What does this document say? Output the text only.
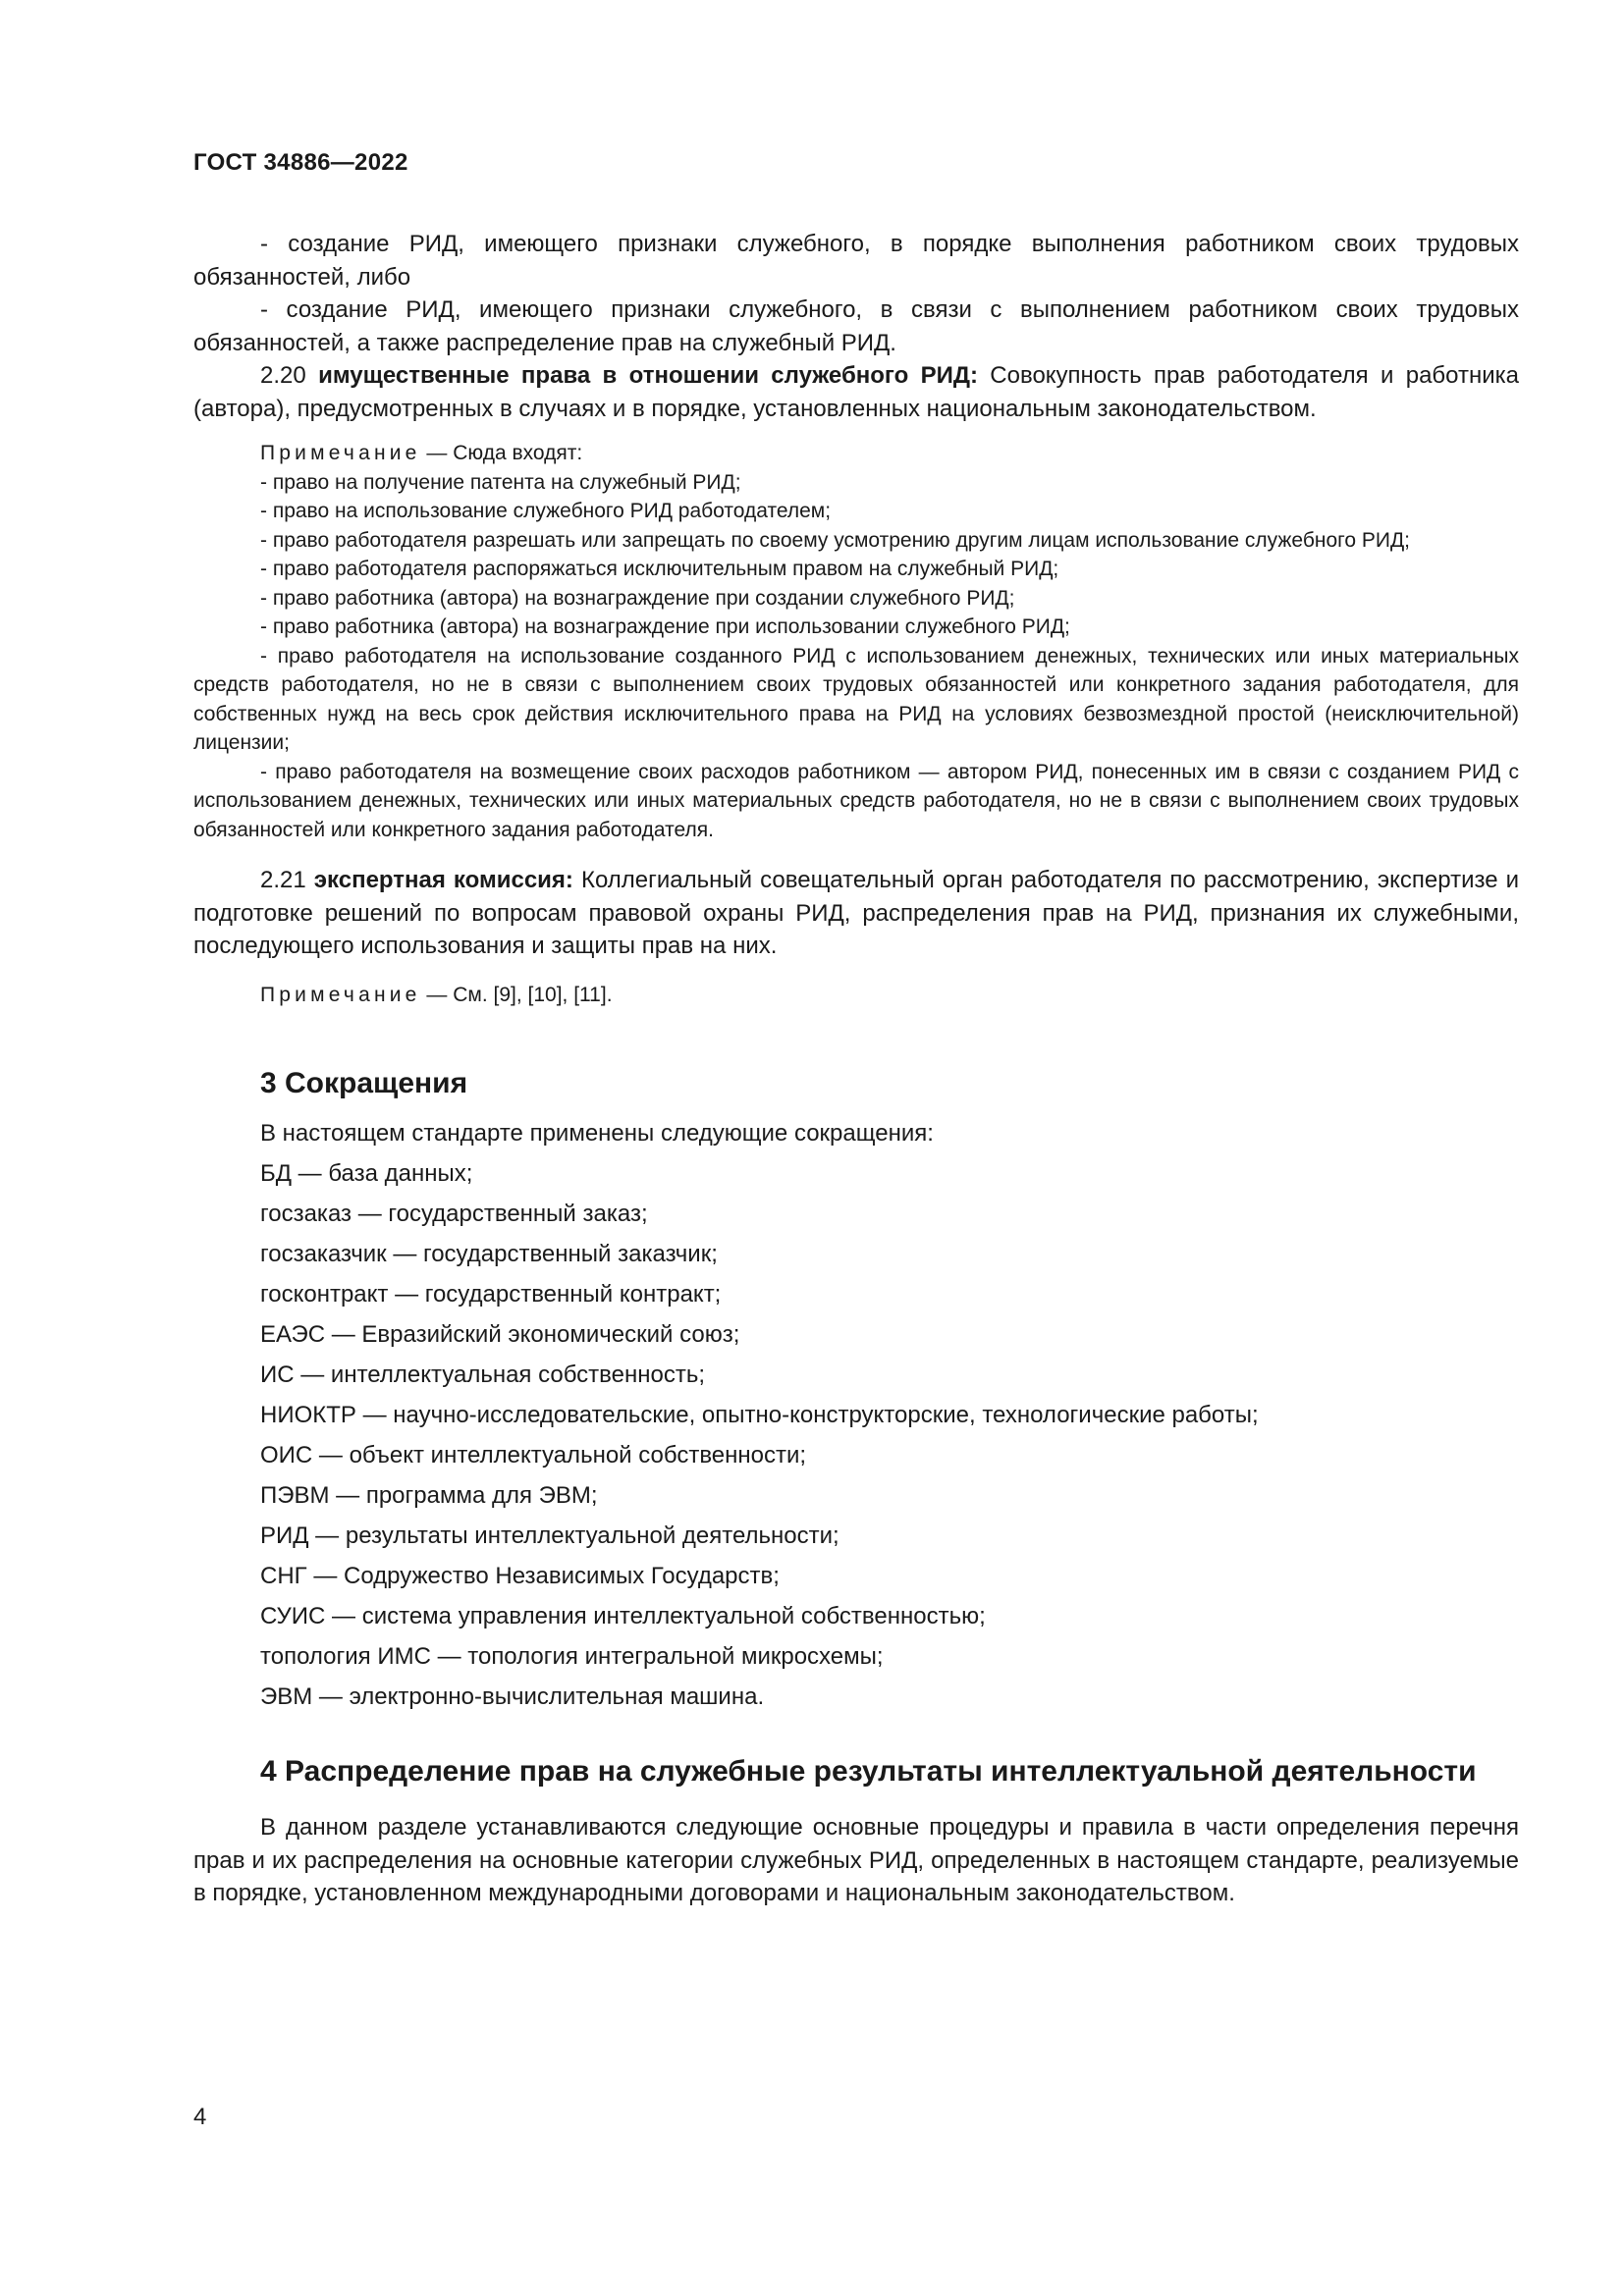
ГОСТ 34886—2022

- создание РИД, имеющего признаки служебного, в порядке выполнения работником своих трудовых обязанностей, либо

- создание РИД, имеющего признаки служебного, в связи с выполнением работником своих трудовых обязанностей, а также распределение прав на служебный РИД.

2.20 имущественные права в отношении служебного РИД: Совокупность прав работодателя и работника (автора), предусмотренных в случаях и в порядке, установленных национальным законодательством.

Примечание — Сюда входят:

- право на получение патента на служебный РИД;

- право на использование служебного РИД работодателем;

- право работодателя разрешать или запрещать по своему усмотрению другим лицам использование служебного РИД;

- право работодателя распоряжаться исключительным правом на служебный РИД;

- право работника (автора) на вознаграждение при создании служебного РИД;

- право работника (автора) на вознаграждение при использовании служебного РИД;

- право работодателя на использование созданного РИД с использованием денежных, технических или иных материальных средств работодателя, но не в связи с выполнением своих трудовых обязанностей или конкретного задания работодателя, для собственных нужд на весь срок действия исключительного права на РИД на условиях безвозмездной простой (неисключительной) лицензии;

- право работодателя на возмещение своих расходов работником — автором РИД, понесенных им в связи с созданием РИД с использованием денежных, технических или иных материальных средств работодателя, но не в связи с выполнением своих трудовых обязанностей или конкретного задания работодателя.

2.21 экспертная комиссия: Коллегиальный совещательный орган работодателя по рассмотрению, экспертизе и подготовке решений по вопросам правовой охраны РИД, распределения прав на РИД, признания их служебными, последующего использования и защиты прав на них.

Примечание — См. [9], [10], [11].

3 Сокращения

В настоящем стандарте применены следующие сокращения:

БД — база данных;

госзаказ — государственный заказ;

госзаказчик — государственный заказчик;

госконтракт — государственный контракт;

ЕАЭС — Евразийский экономический союз;

ИС — интеллектуальная собственность;

НИОКТР — научно-исследовательские, опытно-конструкторские, технологические работы;

ОИС — объект интеллектуальной собственности;

ПЭВМ — программа для ЭВМ;

РИД — результаты интеллектуальной деятельности;

СНГ — Содружество Независимых Государств;

СУИС — система управления интеллектуальной собственностью;

топология ИМС — топология интегральной микросхемы;

ЭВМ — электронно-вычислительная машина.

4 Распределение прав на служебные результаты интеллектуальной деятельности

В данном разделе устанавливаются следующие основные процедуры и правила в части определения перечня прав и их распределения на основные категории служебных РИД, определенных в настоящем стандарте, реализуемые в порядке, установленном международными договорами и национальным законодательством.

4
